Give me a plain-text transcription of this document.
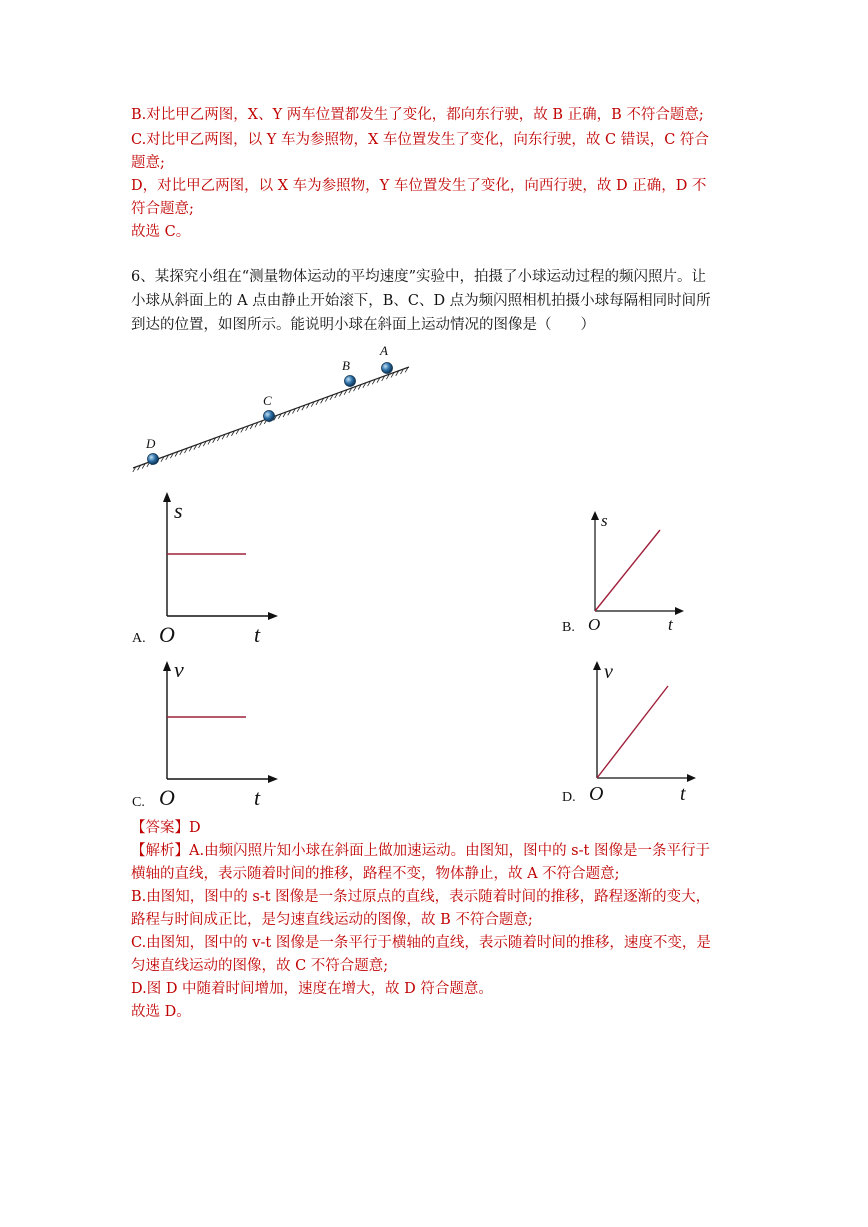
B.对比甲乙两图，X、Y 两车位置都发生了变化，都向东行驶，故 B 正确，B 不符合题意;
C.对比甲乙两图，以 Y 车为参照物，X 车位置发生了变化，向东行驶，故 C 错误，C 符合
题意;
D，对比甲乙两图，以 X 车为参照物，Y 车位置发生了变化，向西行驶，故 D 正确，D 不
符合题意;
故选 C。
6、某探究小组在“测量物体运动的平均速度”实验中，拍摄了小球运动过程的频闪照片。让
小球从斜面上的 A 点由静止开始滚下，B、C、D 点为频闪照相机拍摄小球每隔相同时间所
到达的位置，如图所示。能说明小球在斜面上运动情况的图像是（　　）
D
C
B
A
A.
s
t
O	B.
s
t
O
C.
v
t
O	D.
v
t
O
【答案】D
【解析】A.由频闪照片知小球在斜面上做加速运动。由图知，图中的 s-t 图像是一条平行于
横轴的直线，表示随着时间的推移，路程不变，物体静止，故 A 不符合题意;
B.由图知，图中的 s-t 图像是一条过原点的直线，表示随着时间的推移，路程逐渐的变大，
路程与时间成正比，是匀速直线运动的图像，故 B 不符合题意;
C.由图知，图中的 v-t 图像是一条平行于横轴的直线，表示随着时间的推移，速度不变，是
匀速直线运动的图像，故 C 不符合题意;
D.图 D 中随着时间增加，速度在增大，故 D 符合题意。
故选 D。
